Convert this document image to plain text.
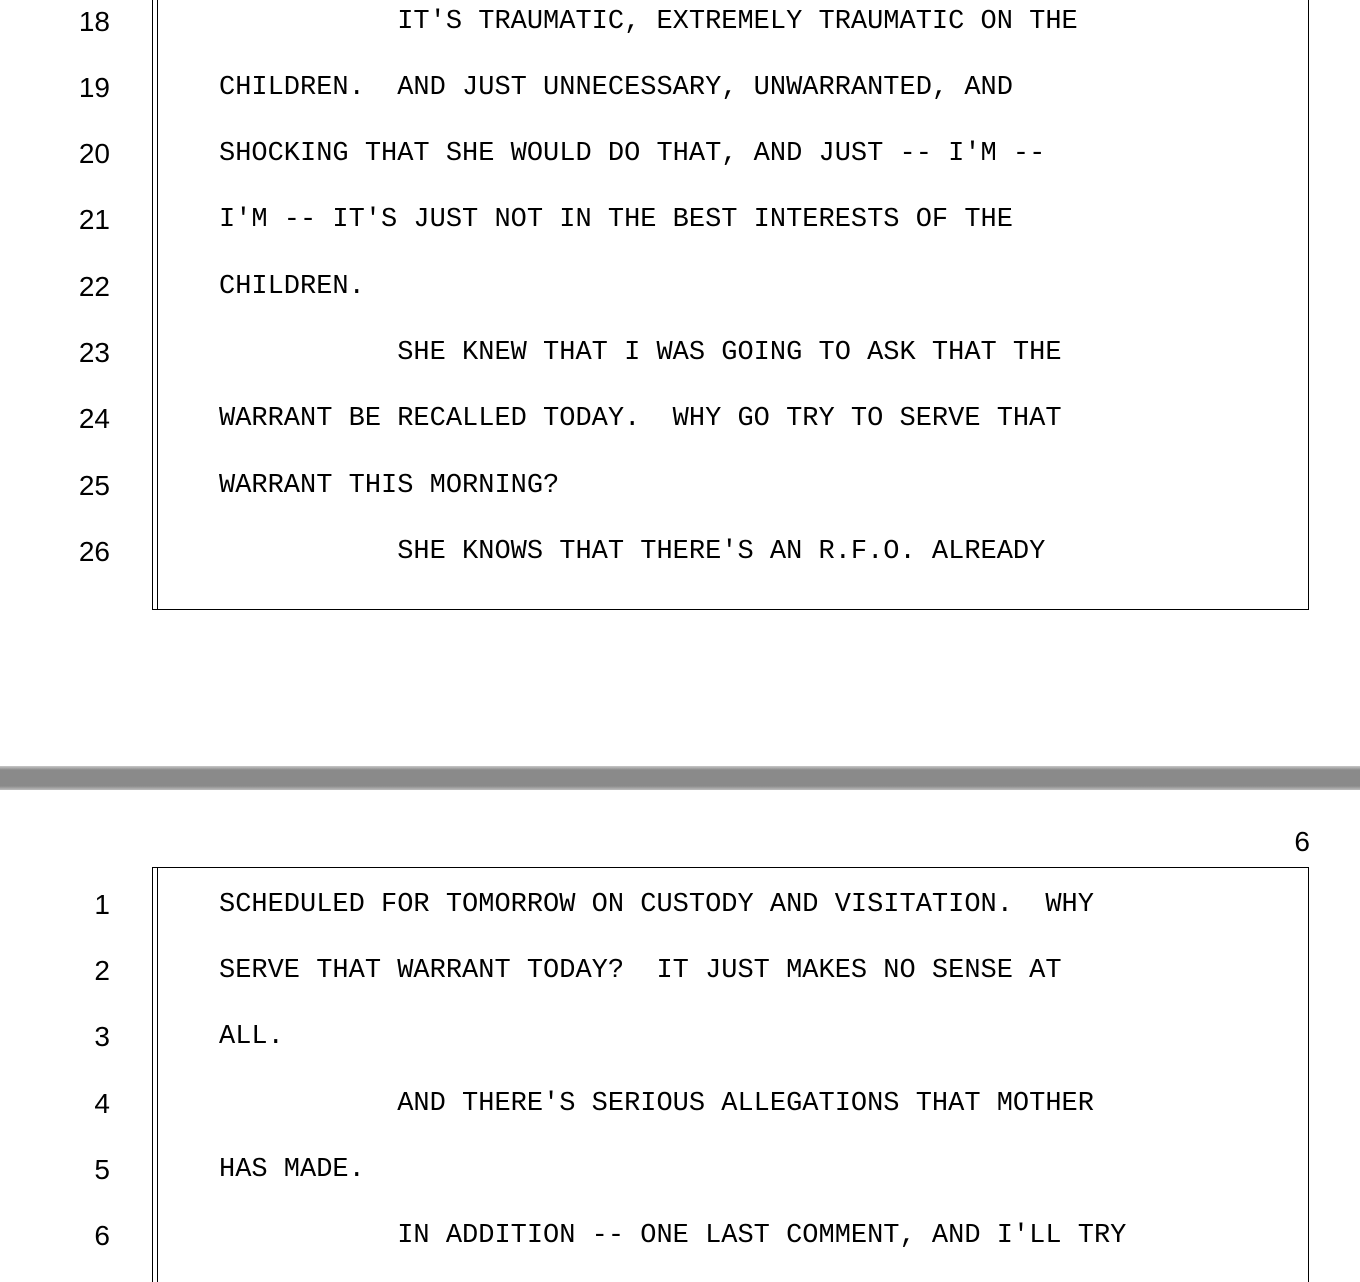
18	IT'S TRAUMATIC, EXTREMELY TRAUMATIC ON THE
19	CHILDREN.  AND JUST UNNECESSARY, UNWARRANTED, AND
20	SHOCKING THAT SHE WOULD DO THAT, AND JUST -- I'M --
21	I'M -- IT'S JUST NOT IN THE BEST INTERESTS OF THE
22	CHILDREN.
23	SHE KNEW THAT I WAS GOING TO ASK THAT THE
24	WARRANT BE RECALLED TODAY.  WHY GO TRY TO SERVE THAT
25	WARRANT THIS MORNING?
26	SHE KNOWS THAT THERE'S AN R.F.O. ALREADY
6
1	SCHEDULED FOR TOMORROW ON CUSTODY AND VISITATION.  WHY
2	SERVE THAT WARRANT TODAY?  IT JUST MAKES NO SENSE AT
3	ALL.
4	AND THERE'S SERIOUS ALLEGATIONS THAT MOTHER
5	HAS MADE.
6	IN ADDITION -- ONE LAST COMMENT, AND I'LL TRY
